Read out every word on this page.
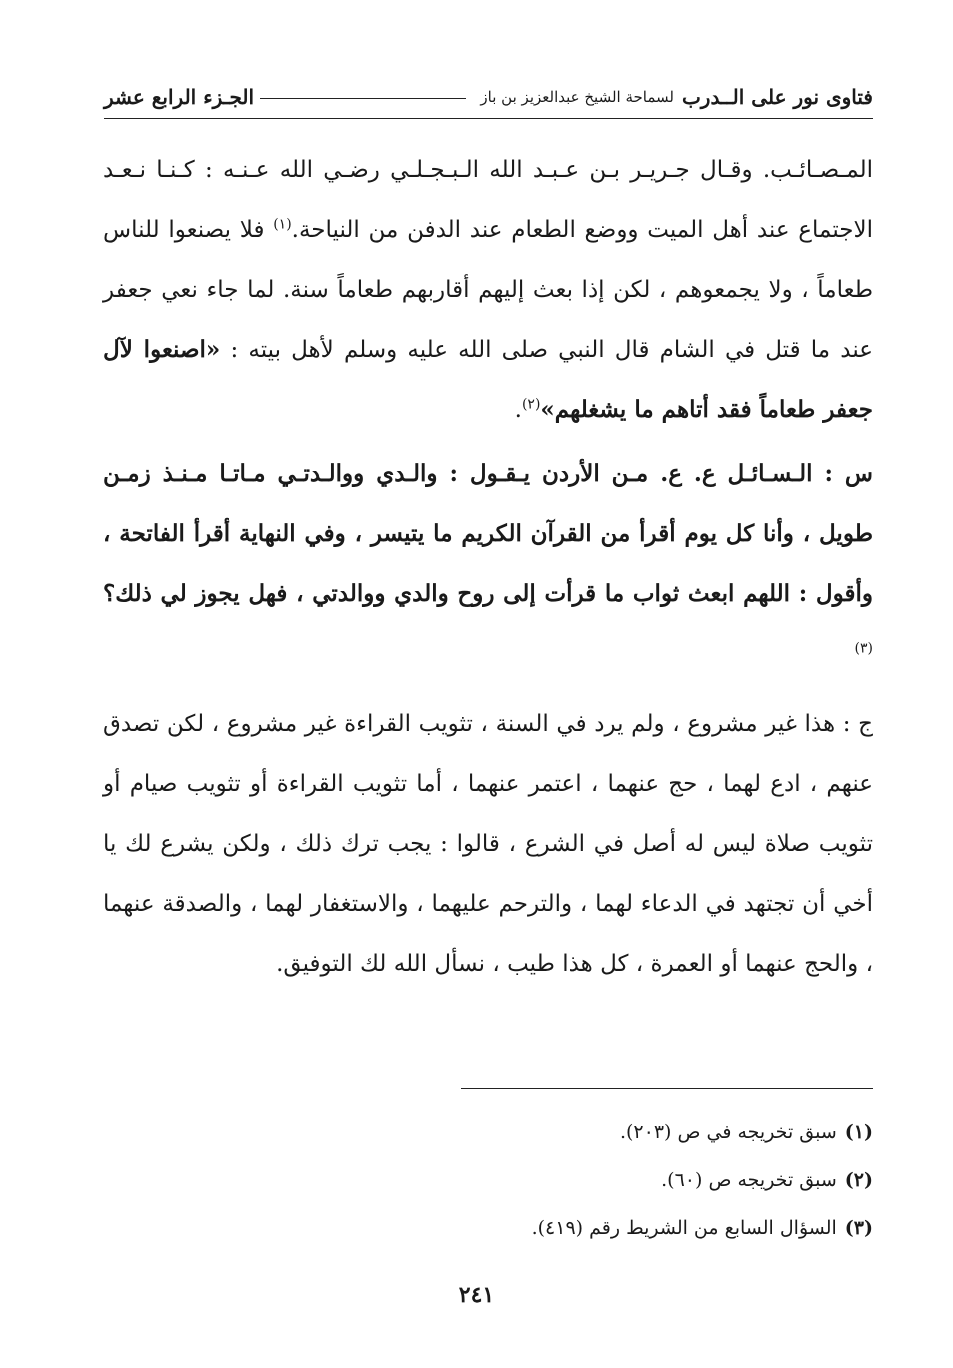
فتاوى نور على الــدرب
لسماحة الشيخ عبدالعزيز بن باز
الجـزء الرابع عشر
المـصـائـب. وقـال جـريـر بـن عـبـد الله الـبـجـلـي رضـي الله عـنـه : كـنـا نـعـد الاجتماع عند أهل الميت ووضع الطعام عند الدفن من النياحة.$^{(١)}$ فلا يصنعوا للناس طعاماً ، ولا يجمعوهم ، لكن إذا بعث إليهم أقاربهم طعاماً سنة. لما جاء نعي جعفر عند ما قتل في الشام قال النبي صلى الله عليه وسلم لأهل بيته : «اصنعوا لآل جعفر طعاماً فقد أتاهم ما يشغلهم»$^{(٢)}$.
س : الـسـائـل ع. ع. مـن الأردن يـقـول : والـدي ووالـدتـي مـاتـا مـنـذ زمـن طويل ، وأنا كل يوم أقرأ من القرآن الكريم ما يتيسر ، وفي النهاية أقرأ الفاتحة ، وأقول : اللهم ابعث ثواب ما قرأت إلى روح والدي ووالدتي ، فهل يجوز لي ذلك؟$^{(٣)}$
ج : هذا غير مشروع ، ولم يرد في السنة ، تثويب القراءة غير مشروع ، لكن تصدق عنهم ، ادع لهما ، حج عنهما ، اعتمر عنهما ، أما تثويب القراءة أو تثويب صيام أو تثويب صلاة ليس له أصل في الشرع ، قالوا : يجب ترك ذلك ، ولكن يشرع لك يا أخي أن تجتهد في الدعاء لهما ، والترحم عليهما ، والاستغفار لهما ، والصدقة عنهما ، والحج عنهما أو العمرة ، كل هذا طيب ، نسأل الله لك التوفيق.
(١)سبق تخريجه في ص (٢٠٣).
(٢)سبق تخريجه ص (٦٠).
(٣)السؤال السابع من الشريط رقم (٤١٩).
٢٤١
